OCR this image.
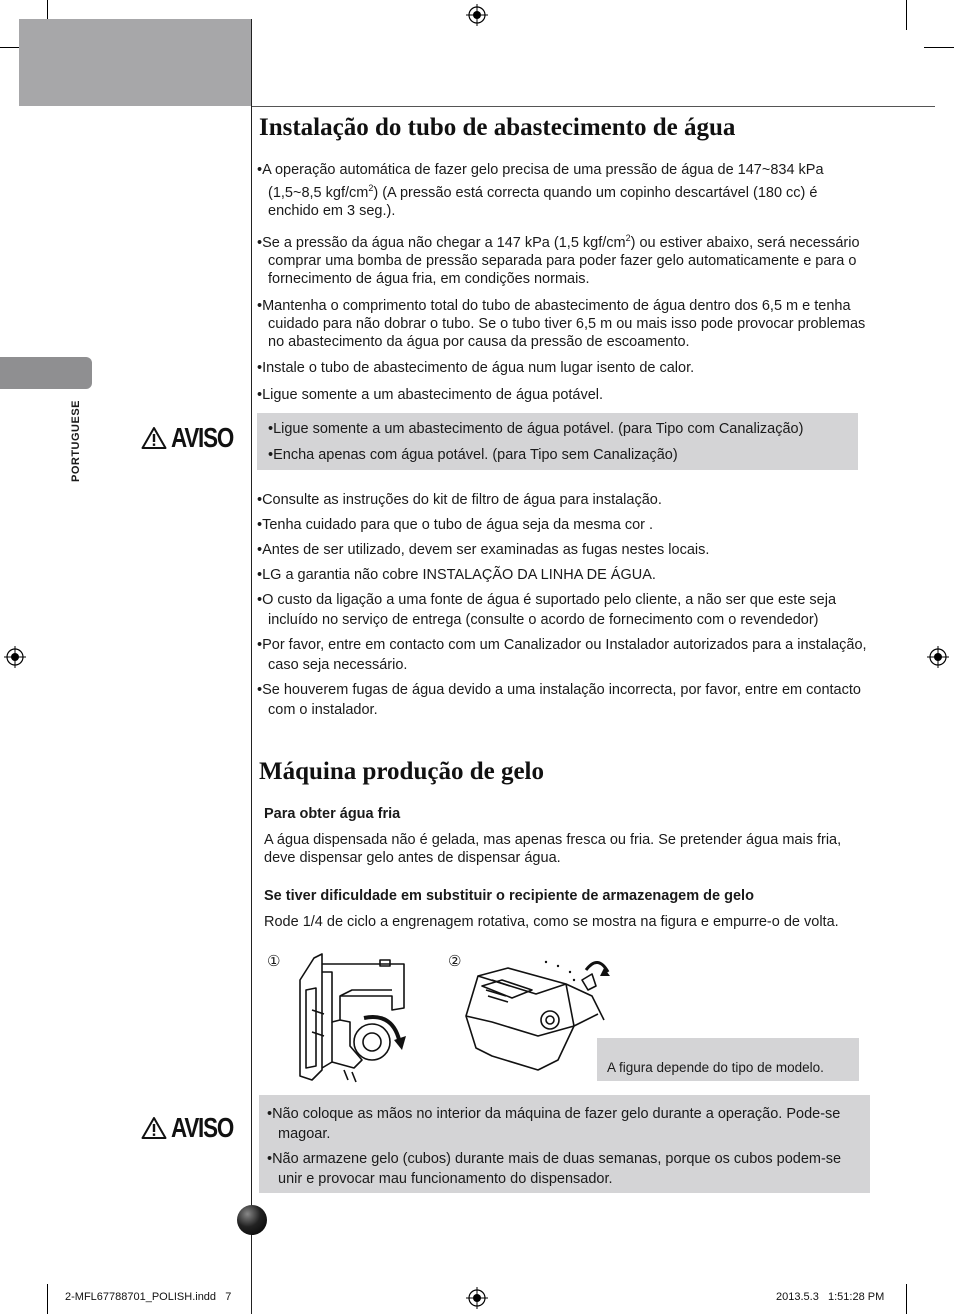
PORTUGUESE
Instalação do tubo de abastecimento de água
• A operação automática de fazer gelo precisa de uma pressão de água de 147~834 kPa (1,5~8,5 kgf/$cm^2$) (A pressão está correcta quando um copinho descartável (180 cc) é enchido em 3 seg.).
• Se a pressão da água não chegar a 147 kPa (1,5 kgf/$cm^2$) ou estiver abaixo, será necessário comprar uma bomba de pressão separada para poder fazer gelo automaticamente e para o fornecimento de água fria, em condições normais.
• Mantenha o comprimento total do tubo de abastecimento de água dentro dos 6,5 m e tenha cuidado para não dobrar o tubo. Se o tubo tiver 6,5 m ou mais isso pode provocar problemas no abastecimento da água por causa da pressão de escoamento.
• Instale o tubo de abastecimento de água num lugar isento de calor.
• Ligue somente a um abastecimento de água potável.
AVISO	• Ligue somente a um abastecimento de água potável. (para Tipo com Canalização)
• Encha apenas com água potável. (para Tipo sem Canalização)
• Consulte as instruções do kit de filtro de água para instalação.
• Tenha cuidado para que o tubo de água seja da mesma cor .
• Antes de ser utilizado, devem ser examinadas as fugas nestes locais.
• LG a garantia não cobre INSTALAÇÃO DA LINHA DE ÁGUA.
• O custo da ligação a uma fonte de água é suportado pelo cliente, a não ser que este seja incluído no serviço de entrega (consulte o acordo de fornecimento com o revendedor)
• Por favor, entre em contacto com um Canalizador ou Instalador autorizados para a instalação, caso seja necessário.
• Se houverem fugas de água devido a uma instalação incorrecta, por favor, entre em contacto com o instalador.
Máquina produção de gelo
Para obter água fria
A água dispensada não é gelada, mas apenas fresca ou fria. Se pretender água mais fria, deve dispensar gelo antes de dispensar água.
Se tiver dificuldade em substituir o recipiente de armazenagem de gelo
Rode 1/4 de ciclo a engrenagem rotativa, como se mostra na figura e empurre-o de volta.
①	②
A figura depende do tipo de modelo.
AVISO	• Não coloque as mãos no interior da máquina de fazer gelo durante a operação. Pode-se magoar.
• Não armazene gelo (cubos) durante mais de duas semanas, porque os cubos podem-se unir e provocar mau funcionamento do dispensador.
2-MFL67788701_POLISH.indd   7	2013.5.3   1:51:28 PM
